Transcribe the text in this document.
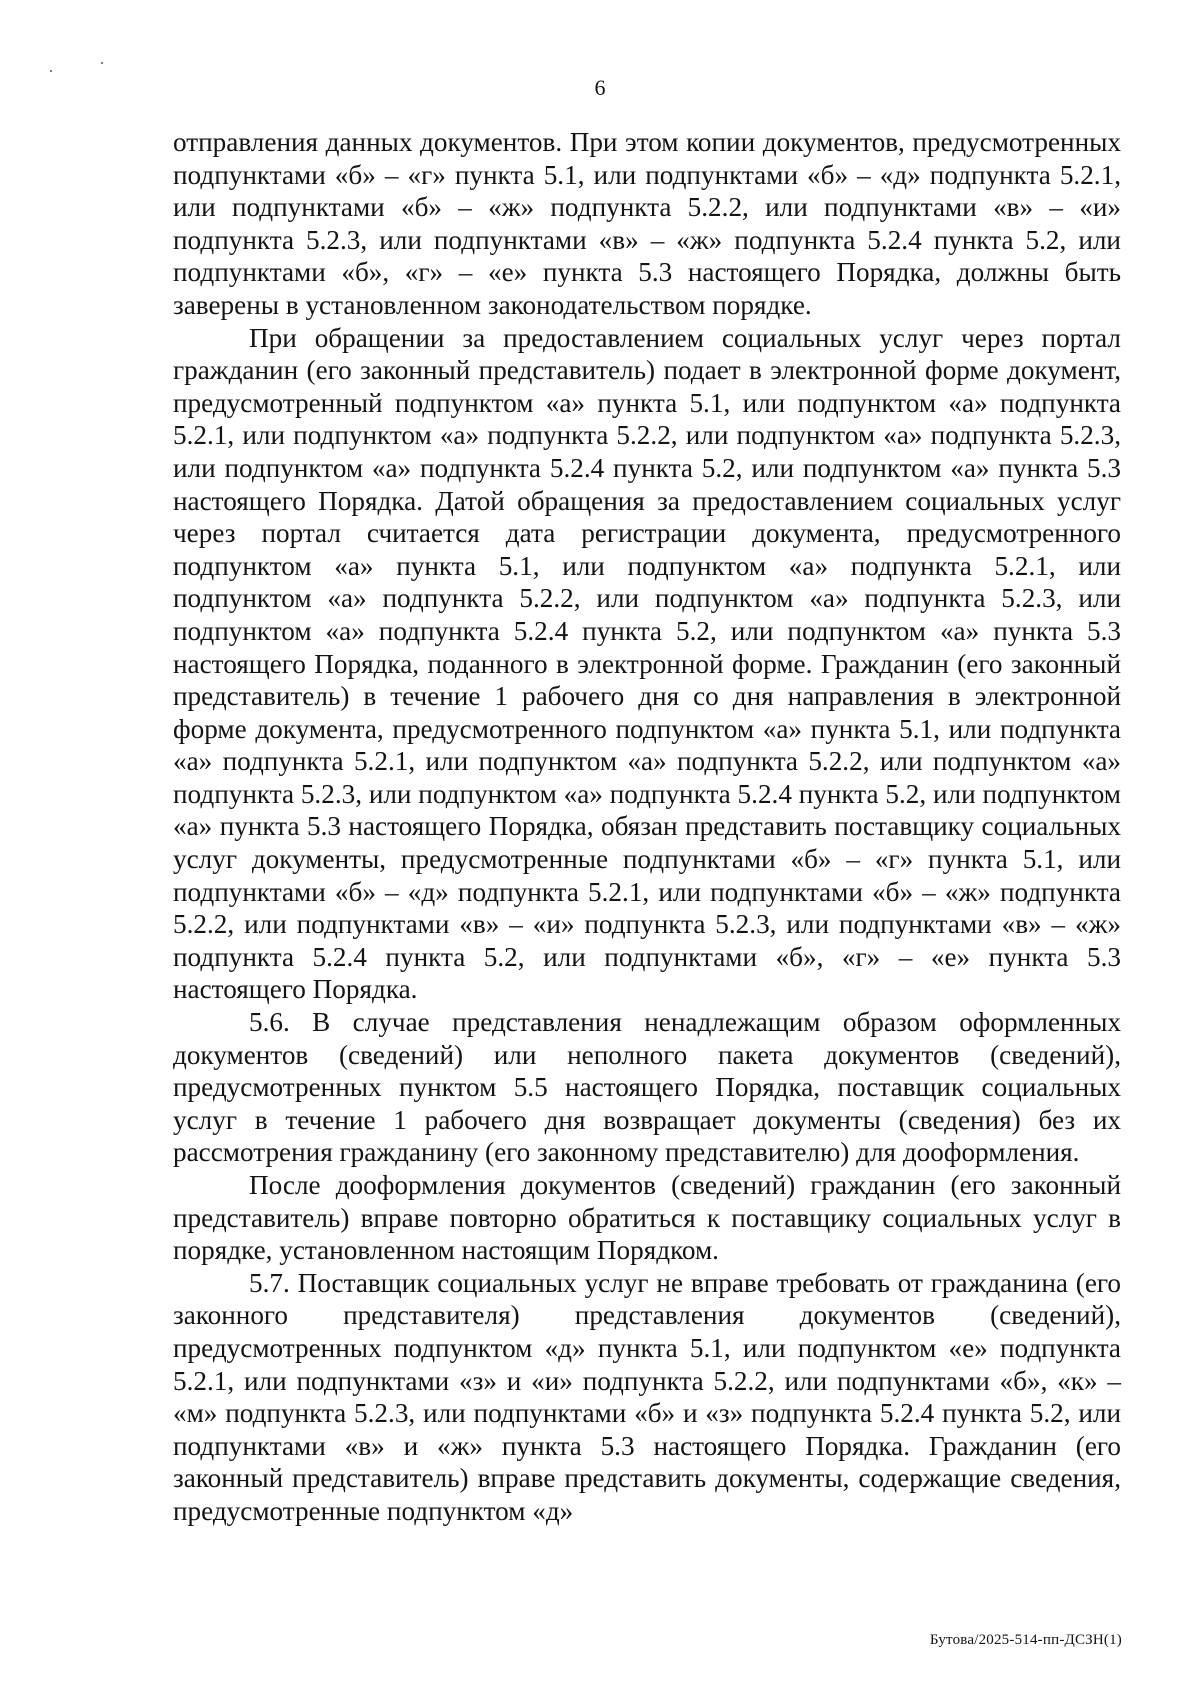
6

отправления данных документов. При этом копии документов, предусмотренных подпунктами «б» – «г» пункта 5.1, или подпунктами «б» – «д» подпункта 5.2.1, или подпунктами «б» – «ж» подпункта 5.2.2, или подпунктами «в» – «и» подпункта 5.2.3, или подпунктами «в» – «ж» подпункта 5.2.4 пункта 5.2, или подпунктами «б», «г» – «е» пункта 5.3 настоящего Порядка, должны быть заверены в установленном законодательством порядке.

При обращении за предоставлением социальных услуг через портал гражданин (его законный представитель) подает в электронной форме документ, предусмотренный подпунктом «а» пункта 5.1, или подпунктом «а» подпункта 5.2.1, или подпунктом «а» подпункта 5.2.2, или подпунктом «а» подпункта 5.2.3, или подпунктом «а» подпункта 5.2.4 пункта 5.2, или подпунктом «а» пункта 5.3 настоящего Порядка. Датой обращения за предоставлением социальных услуг через портал считается дата регистрации документа, предусмотренного подпунктом «а» пункта 5.1, или подпунктом «а» подпункта 5.2.1, или подпунктом «а» подпункта 5.2.2, или подпунктом «а» подпункта 5.2.3, или подпунктом «а» подпункта 5.2.4 пункта 5.2, или подпунктом «а» пункта 5.3 настоящего Порядка, поданного в электронной форме. Гражданин (его законный представитель) в течение 1 рабочего дня со дня направления в электронной форме документа, предусмотренного подпунктом «а» пункта 5.1, или подпункта «а» подпункта 5.2.1, или подпунктом «а» подпункта 5.2.2, или подпунктом «а» подпункта 5.2.3, или подпунктом «а» подпункта 5.2.4 пункта 5.2, или подпунктом «а» пункта 5.3 настоящего Порядка, обязан представить поставщику социальных услуг документы, предусмотренные подпунктами «б» – «г» пункта 5.1, или подпунктами «б» – «д» подпункта 5.2.1, или подпунктами «б» – «ж» подпункта 5.2.2, или подпунктами «в» – «и» подпункта 5.2.3, или подпунктами «в» – «ж» подпункта 5.2.4 пункта 5.2, или подпунктами «б», «г» – «е» пункта 5.3 настоящего Порядка.

5.6. В случае представления ненадлежащим образом оформленных документов (сведений) или неполного пакета документов (сведений), предусмотренных пунктом 5.5 настоящего Порядка, поставщик социальных услуг в течение 1 рабочего дня возвращает документы (сведения) без их рассмотрения гражданину (его законному представителю) для дооформления.

После дооформления документов (сведений) гражданин (его законный представитель) вправе повторно обратиться к поставщику социальных услуг в порядке, установленном настоящим Порядком.

5.7. Поставщик социальных услуг не вправе требовать от гражданина (его законного представителя) представления документов (сведений), предусмотренных подпунктом «д» пункта 5.1, или подпунктом «е» подпункта 5.2.1, или подпунктами «з» и «и» подпункта 5.2.2, или подпунктами «б», «к» – «м» подпункта 5.2.3, или подпунктами «б» и «з» подпункта 5.2.4 пункта 5.2, или подпунктами «в» и «ж» пункта 5.3 настоящего Порядка. Гражданин (его законный представитель) вправе представить документы, содержащие сведения, предусмотренные подпунктом «д»

Бутова/2025-514-пп-ДСЗН(1)
